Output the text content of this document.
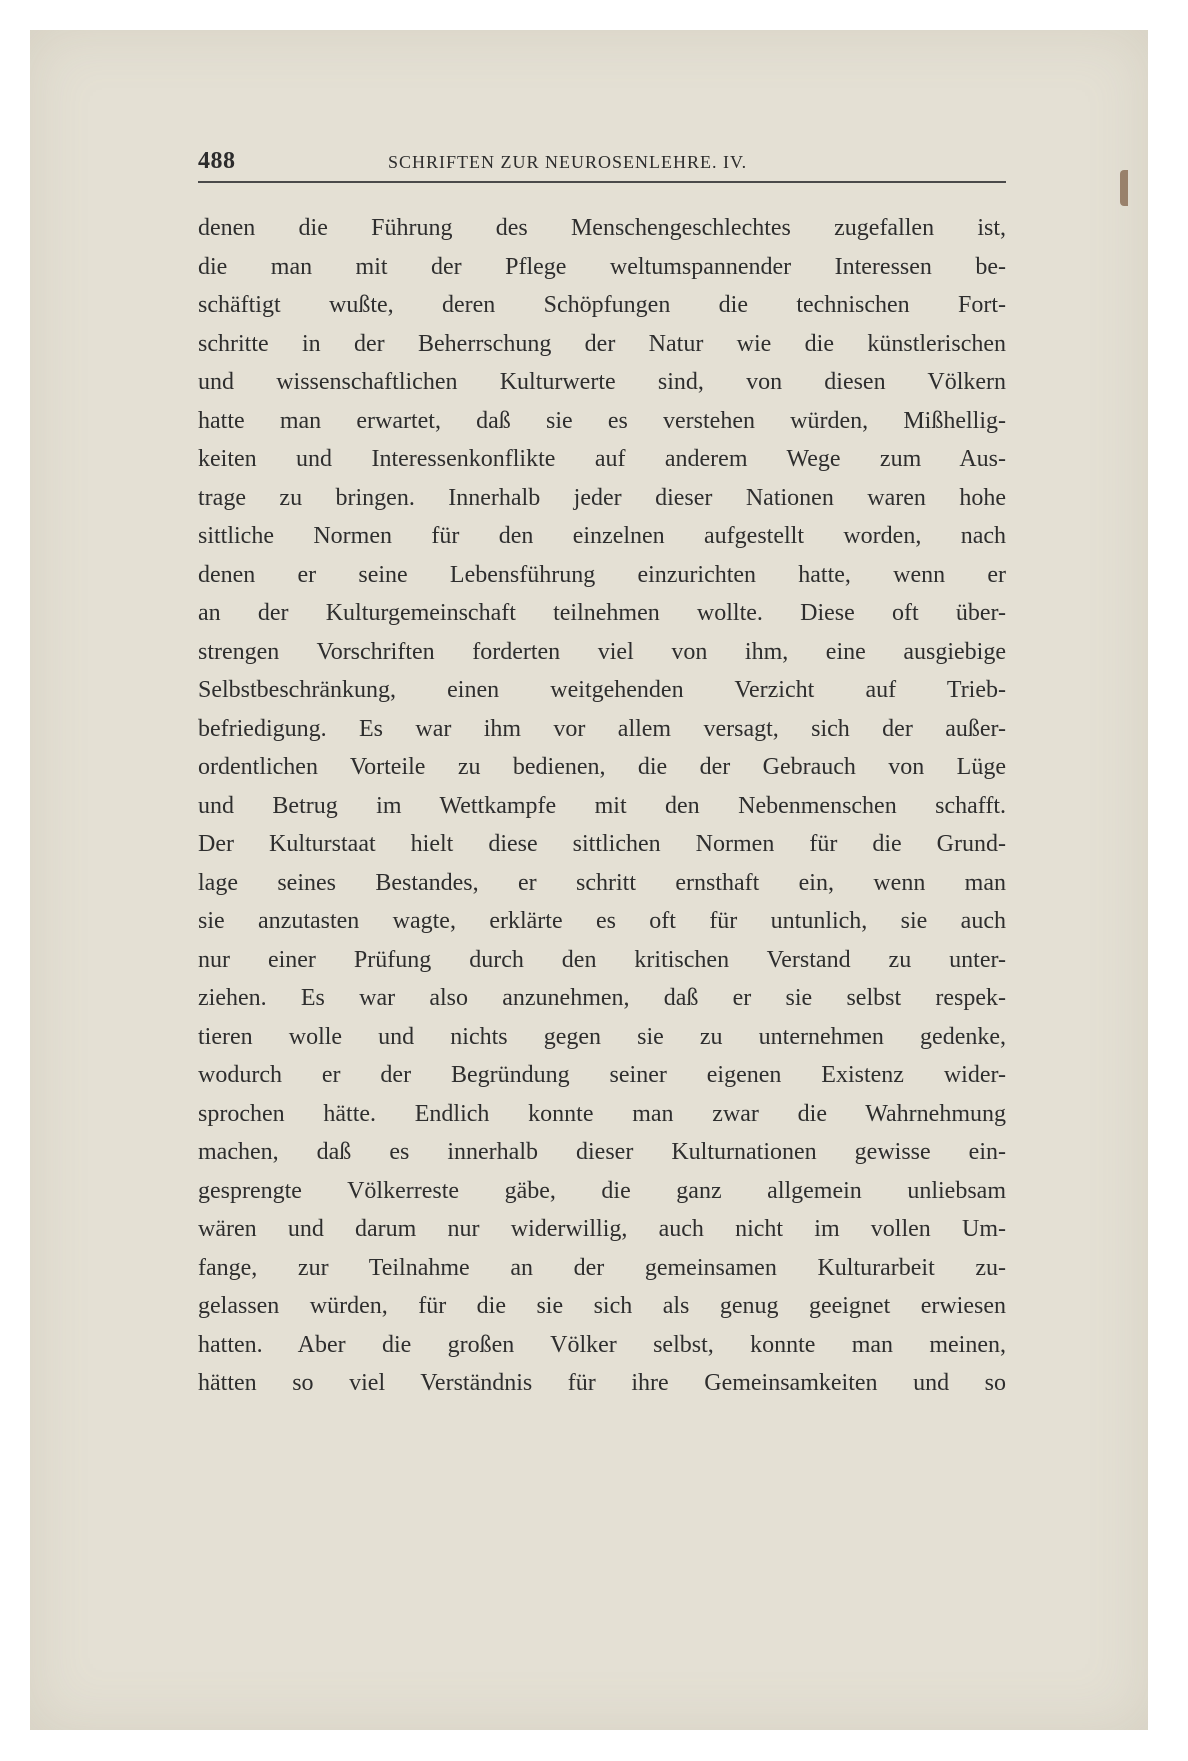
488	SCHRIFTEN ZUR NEUROSENLEHRE. IV.
denen die Führung des Menschengeschlechtes zugefallen ist,
die man mit der Pflege weltumspannender Interessen be-
schäftigt wußte, deren Schöpfungen die technischen Fort-
schritte in der Beherrschung der Natur wie die künstlerischen
und wissenschaftlichen Kulturwerte sind, von diesen Völkern
hatte man erwartet, daß sie es verstehen würden, Mißhellig-
keiten und Interessenkonflikte auf anderem Wege zum Aus-
trage zu bringen. Innerhalb jeder dieser Nationen waren hohe
sittliche Normen für den einzelnen aufgestellt worden, nach
denen er seine Lebensführung einzurichten hatte, wenn er
an der Kulturgemeinschaft teilnehmen wollte. Diese oft über-
strengen Vorschriften forderten viel von ihm, eine ausgiebige
Selbstbeschränkung, einen weitgehenden Verzicht auf Trieb-
befriedigung. Es war ihm vor allem versagt, sich der außer-
ordentlichen Vorteile zu bedienen, die der Gebrauch von Lüge
und Betrug im Wettkampfe mit den Nebenmenschen schafft.
Der Kulturstaat hielt diese sittlichen Normen für die Grund-
lage seines Bestandes, er schritt ernsthaft ein, wenn man
sie anzutasten wagte, erklärte es oft für untunlich, sie auch
nur einer Prüfung durch den kritischen Verstand zu unter-
ziehen. Es war also anzunehmen, daß er sie selbst respek-
tieren wolle und nichts gegen sie zu unternehmen gedenke,
wodurch er der Begründung seiner eigenen Existenz wider-
sprochen hätte. Endlich konnte man zwar die Wahrnehmung
machen, daß es innerhalb dieser Kulturnationen gewisse ein-
gesprengte Völkerreste gäbe, die ganz allgemein unliebsam
wären und darum nur widerwillig, auch nicht im vollen Um-
fange, zur Teilnahme an der gemeinsamen Kulturarbeit zu-
gelassen würden, für die sie sich als genug geeignet erwiesen
hatten. Aber die großen Völker selbst, konnte man meinen,
hätten so viel Verständnis für ihre Gemeinsamkeiten und so
